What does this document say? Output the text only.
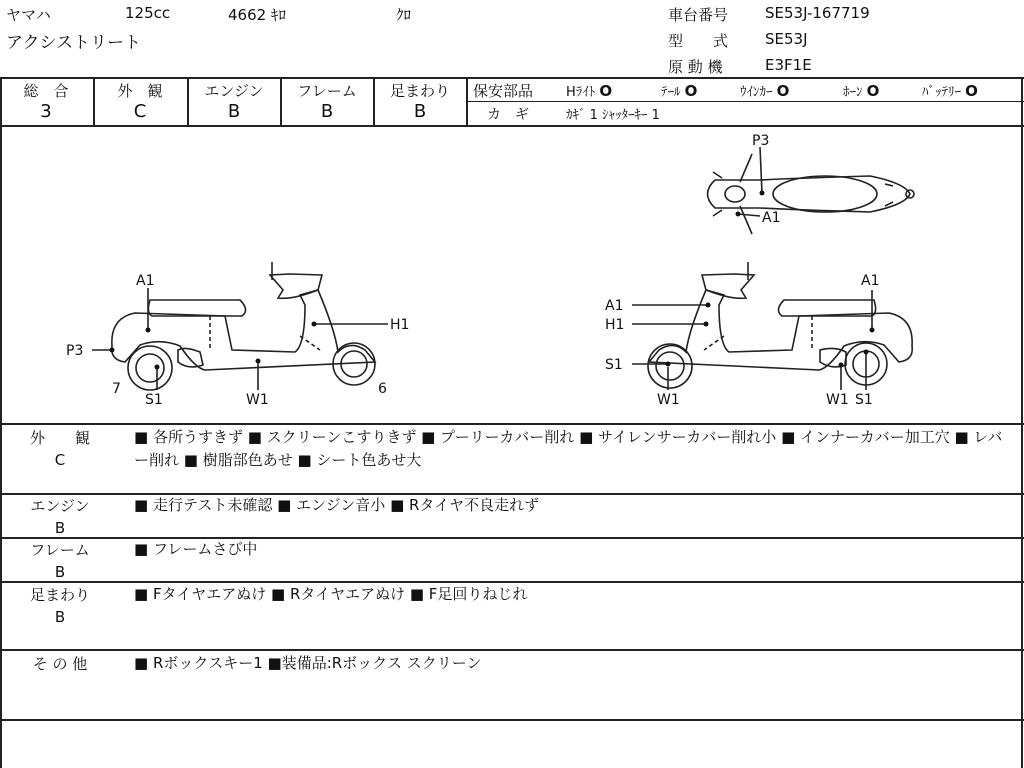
ヤマハ	125cc	4662 ｷﾛ	ｸﾛ
アクシストリート
車台番号 SE53J-167719
型　　式 SE53J
原 動 機	E3F1E
総　合
3
外　観
C
エンジン
B
フレーム
B
足まわり
B
保安部品	Hﾗｲﾄ O	ﾃｰﾙ O	ｳｲﾝｶｰ O	ﾎｰﾝ O	ﾊﾞｯﾃﾘｰ O
カ　ギ	ｶｷﾞ 1 ｼｬｯﾀｰｷｰ 1
P3
A1
A1
H1
P3
7
S1	W1
6
A1
A1
H1
S1
W1	W1 S1
外　　観
C
■ 各所うすきず ■ スクリーンこすりきず ■ プーリーカバー削れ ■ サイレンサーカバー削れ小 ■ インナーカバー加工穴 ■ レバー削れ ■ 樹脂部色あせ ■ シート色あせ大
エンジン
B
■ 走行テスト未確認 ■ エンジン音小 ■ Rタイヤ不良走れず
フレーム
B
■ フレームさび中
足まわり
B
■ Fタイヤエアぬけ ■ Rタイヤエアぬけ ■ F足回りねじれ
そ の 他	■ Rボックスキー1 ■装備品:Rボックス スクリーン
